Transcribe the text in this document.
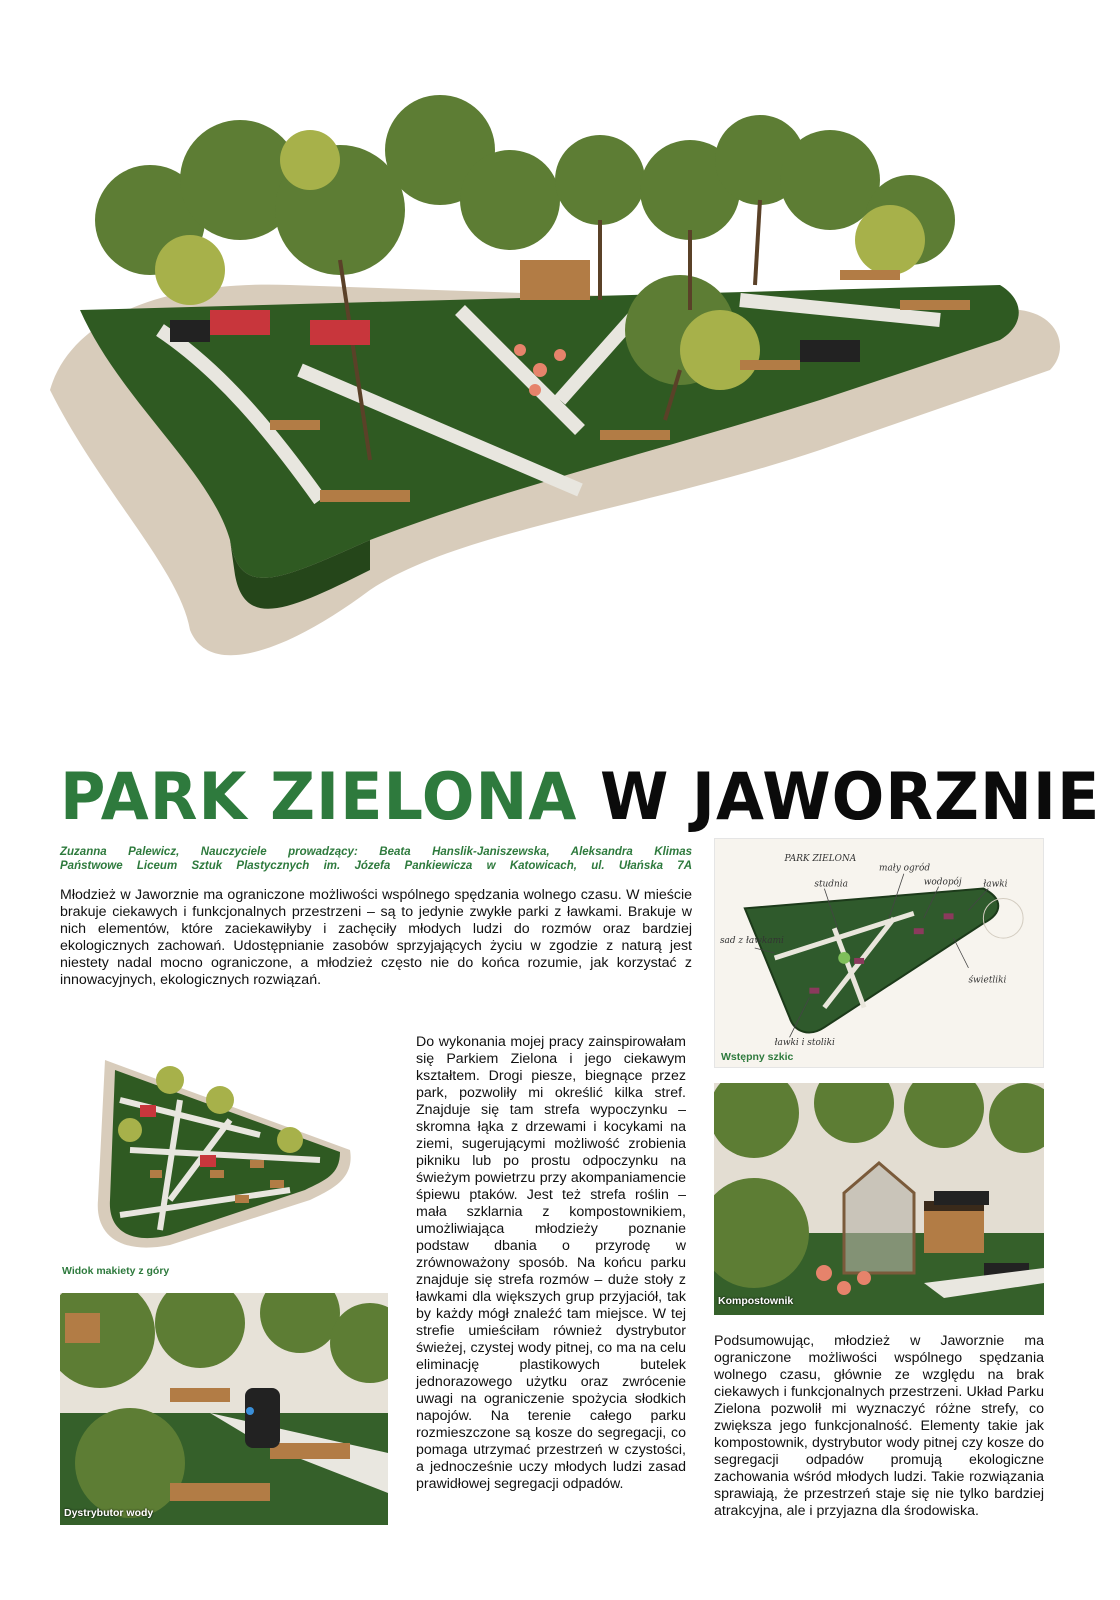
PARK ZIELONA W JAWORZNIE
Zuzanna Palewicz, Nauczyciele prowadzący: Beata Hanslik-Janiszewska, Aleksandra Klimas
Państwowe Liceum Sztuk Plastycznych im. Józefa Pankiewicza w Katowicach, ul. Ułańska 7A

Młodzież w Jaworznie ma ograniczone możliwości wspólnego spędzania wolnego czasu. W mieście brakuje ciekawych i funkcjonalnych przestrzeni – są to jedynie zwykłe parki z ławkami. Brakuje w nich elementów, które zaciekawiłyby i zachęciły młodych ludzi do rozmów oraz bardziej ekologicznych zachowań. Udostępnianie zasobów sprzyjających życiu w zgodzie z naturą jest niestety nadal mocno ograniczone, a młodzież często nie do końca rozumie, jak korzystać z innowacyjnych, ekologicznych rozwiązań.

PARK ZIELONA
studnia
mały ogród
wodopój ławki
sad z ławkami
świetliki
ławki i stoliki
Wstępny szkic
Widok makiety z góry
Dystrybutor wody
Kompostownik

Do wykonania mojej pracy zainspirowałam się Parkiem Zielona i jego ciekawym kształtem. Drogi piesze, biegnące przez park, pozwoliły mi określić kilka stref. Znajduje się tam strefa wypoczynku – skromna łąka z drzewami i kocykami na ziemi, sugerującymi możliwość zrobienia pikniku lub po prostu odpoczynku na świeżym powietrzu przy akompaniamencie śpiewu ptaków. Jest też strefa roślin – mała szklarnia z kompostownikiem, umożliwiająca młodzieży poznanie podstaw dbania o przyrodę w zrównoważony sposób. Na końcu parku znajduje się strefa rozmów – duże stoły z ławkami dla większych grup przyjaciół, tak by każdy mógł znaleźć tam miejsce. W tej strefie umieściłam również dystrybutor świeżej, czystej wody pitnej, co ma na celu eliminację plastikowych butelek jednorazowego użytku oraz zwrócenie uwagi na ograniczenie spożycia słodkich napojów. Na terenie całego parku rozmieszczone są kosze do segregacji, co pomaga utrzymać przestrzeń w czystości, a jednocześnie uczy młodych ludzi zasad prawidłowej segregacji odpadów.

Podsumowując, młodzież w Jaworznie ma ograniczone możliwości wspólnego spędzania wolnego czasu, głównie ze względu na brak ciekawych i funkcjonalnych przestrzeni. Układ Parku Zielona pozwolił mi wyznaczyć różne strefy, co zwiększa jego funkcjonalność. Elementy takie jak kompostownik, dystrybutor wody pitnej czy kosze do segregacji odpadów promują ekologiczne zachowania wśród młodych ludzi. Takie rozwiązania sprawiają, że przestrzeń staje się nie tylko bardziej atrakcyjna, ale i przyjazna dla środowiska.
